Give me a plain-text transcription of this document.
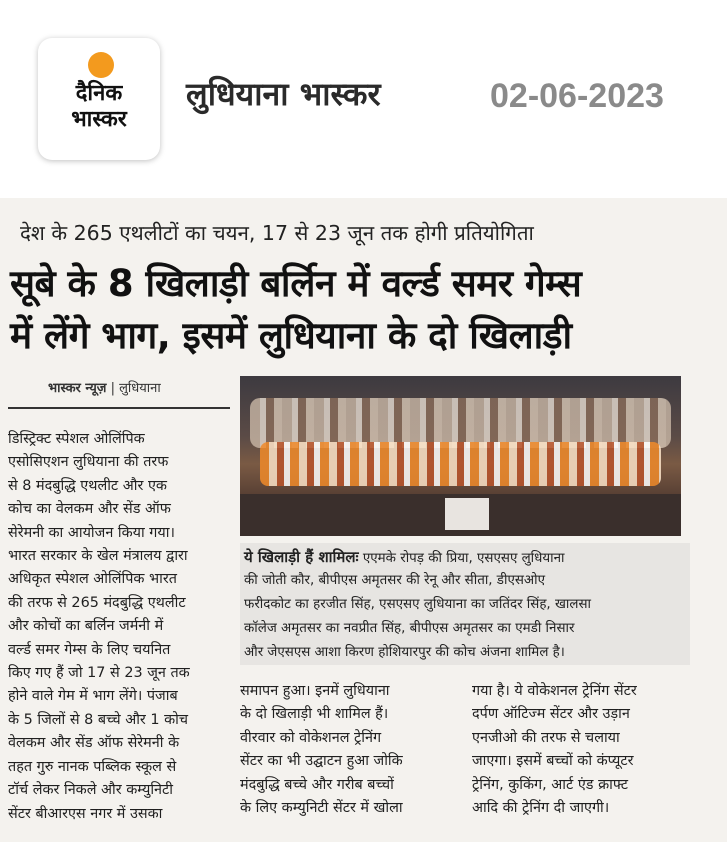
दैनिक
भास्कर
लुधियाना भास्कर	02-06-2023
देश के 265 एथलीटों का चयन, 17 से 23 जून तक होगी प्रतियोगिता
सूबे के 8 खिलाड़ी बर्लिन में वर्ल्ड समर गेम्स
में लेंगे भाग, इसमें लुधियाना के दो खिलाड़ी
भास्कर न्यूज़ | लुधियाना
ये खिलाड़ी हैं शामिलः एएमके रोपड़ की प्रिया, एसएसए लुधियाना
की जोती कौर, बीपीएस अमृतसर की रेनू और सीता, डीएसओए
फरीदकोट का हरजीत सिंह, एसएसए लुधियाना का जतिंदर सिंह, खालसा
कॉलेज अमृतसर का नवप्रीत सिंह, बीपीएस अमृतसर का एमडी निसार
और जेएसएस आशा किरण होशियारपुर की कोच अंजना शामिल है।
डिस्ट्रिक्ट स्पेशल ओलिंपिक
एसोसिएशन लुधियाना की तरफ
से 8 मंदबुद्धि एथलीट और एक
कोच का वेलकम और सेंड ऑफ
सेरेमनी का आयोजन किया गया।
भारत सरकार के खेल मंत्रालय द्वारा
अधिकृत स्पेशल ओलिंपिक भारत
की तरफ से 265 मंदबुद्धि एथलीट
और कोचों का बर्लिन जर्मनी में
वर्ल्ड समर गेम्स के लिए चयनित
किए गए हैं जो 17 से 23 जून तक
होने वाले गेम में भाग लेंगे। पंजाब
के 5 जिलों से 8 बच्चे और 1 कोच
वेलकम और सेंड ऑफ सेरेमनी के
तहत गुरु नानक पब्लिक स्कूल से
टॉर्च लेकर निकले और कम्युनिटी
सेंटर बीआरएस नगर में उसका
समापन हुआ। इनमें लुधियाना
के दो खिलाड़ी भी शामिल हैं।
वीरवार को वोकेशनल ट्रेनिंग
सेंटर का भी उद्घाटन हुआ जोकि
मंदबुद्धि बच्चे और गरीब बच्चों
के लिए कम्युनिटी सेंटर में खोला
गया है। ये वोकेशनल ट्रेनिंग सेंटर
दर्पण ऑटिज्म सेंटर और उड़ान
एनजीओ की तरफ से चलाया
जाएगा। इसमें बच्चों को कंप्यूटर
ट्रेनिंग, कुकिंग, आर्ट एंड क्राफ्ट
आदि की ट्रेनिंग दी जाएगी।
